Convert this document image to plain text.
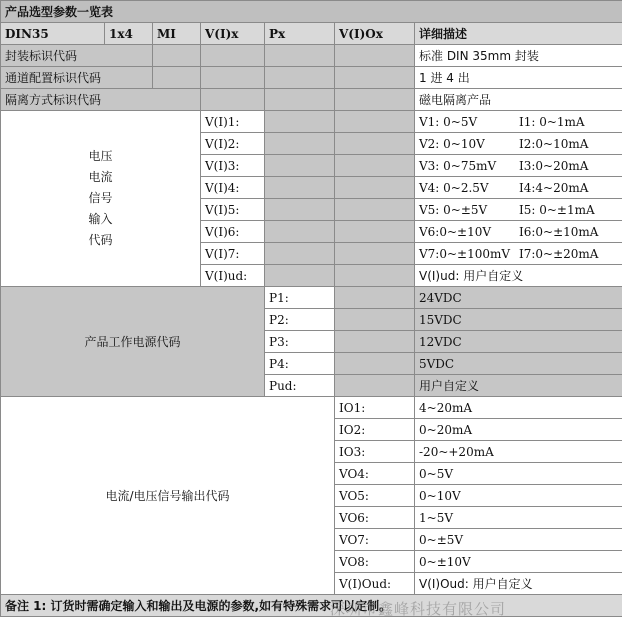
产品选型参数一览表						
DIN35	1x4	MI	V(I)x	Px	V(I)Ox	详细描述
封装标识代码						标准 DIN 35mm 封装
通道配置标识代码						1 进 4 出
隔离方式标识代码						磁电隔离产品

电压
电流
信号
输入
代码			V(I)1:			V1: 0~5V I1: 0~1mA
			V(I)2:			V2: 0~10V I2:0~10mA
			V(I)3:			V3: 0~75mV I3:0~20mA
			V(I)4:			V4: 0~2.5V I4:4~20mA
			V(I)5:			V5: 0~±5V I5: 0~±1mA
			V(I)6:			V6:0~±10V I6:0~±10mA
			V(I)7:			V7:0~±100mV I7:0~±20mA
			V(I)ud:			V(I)ud: 用户自定义
产品工作电源代码				P1:		24VDC
				P2:		15VDC
				P3:		12VDC
				P4:		5VDC
				Pud:		用户自定义
电流/电压信号输出代码					IO1:	4~20mA
					IO2:	0~20mA
					IO3:	-20~+20mA
					VO4:	0~5V
					VO5:	0~10V
					VO6:	1~5V
					VO7:	0~±5V
					VO8:	0~±10V
					V(I)Oud:	V(I)Oud: 用户自定义
备注 1: 订货时需确定输入和输出及电源的参数,如有特殊需求可以定制。						
深圳市鑫峰科技有限公司
